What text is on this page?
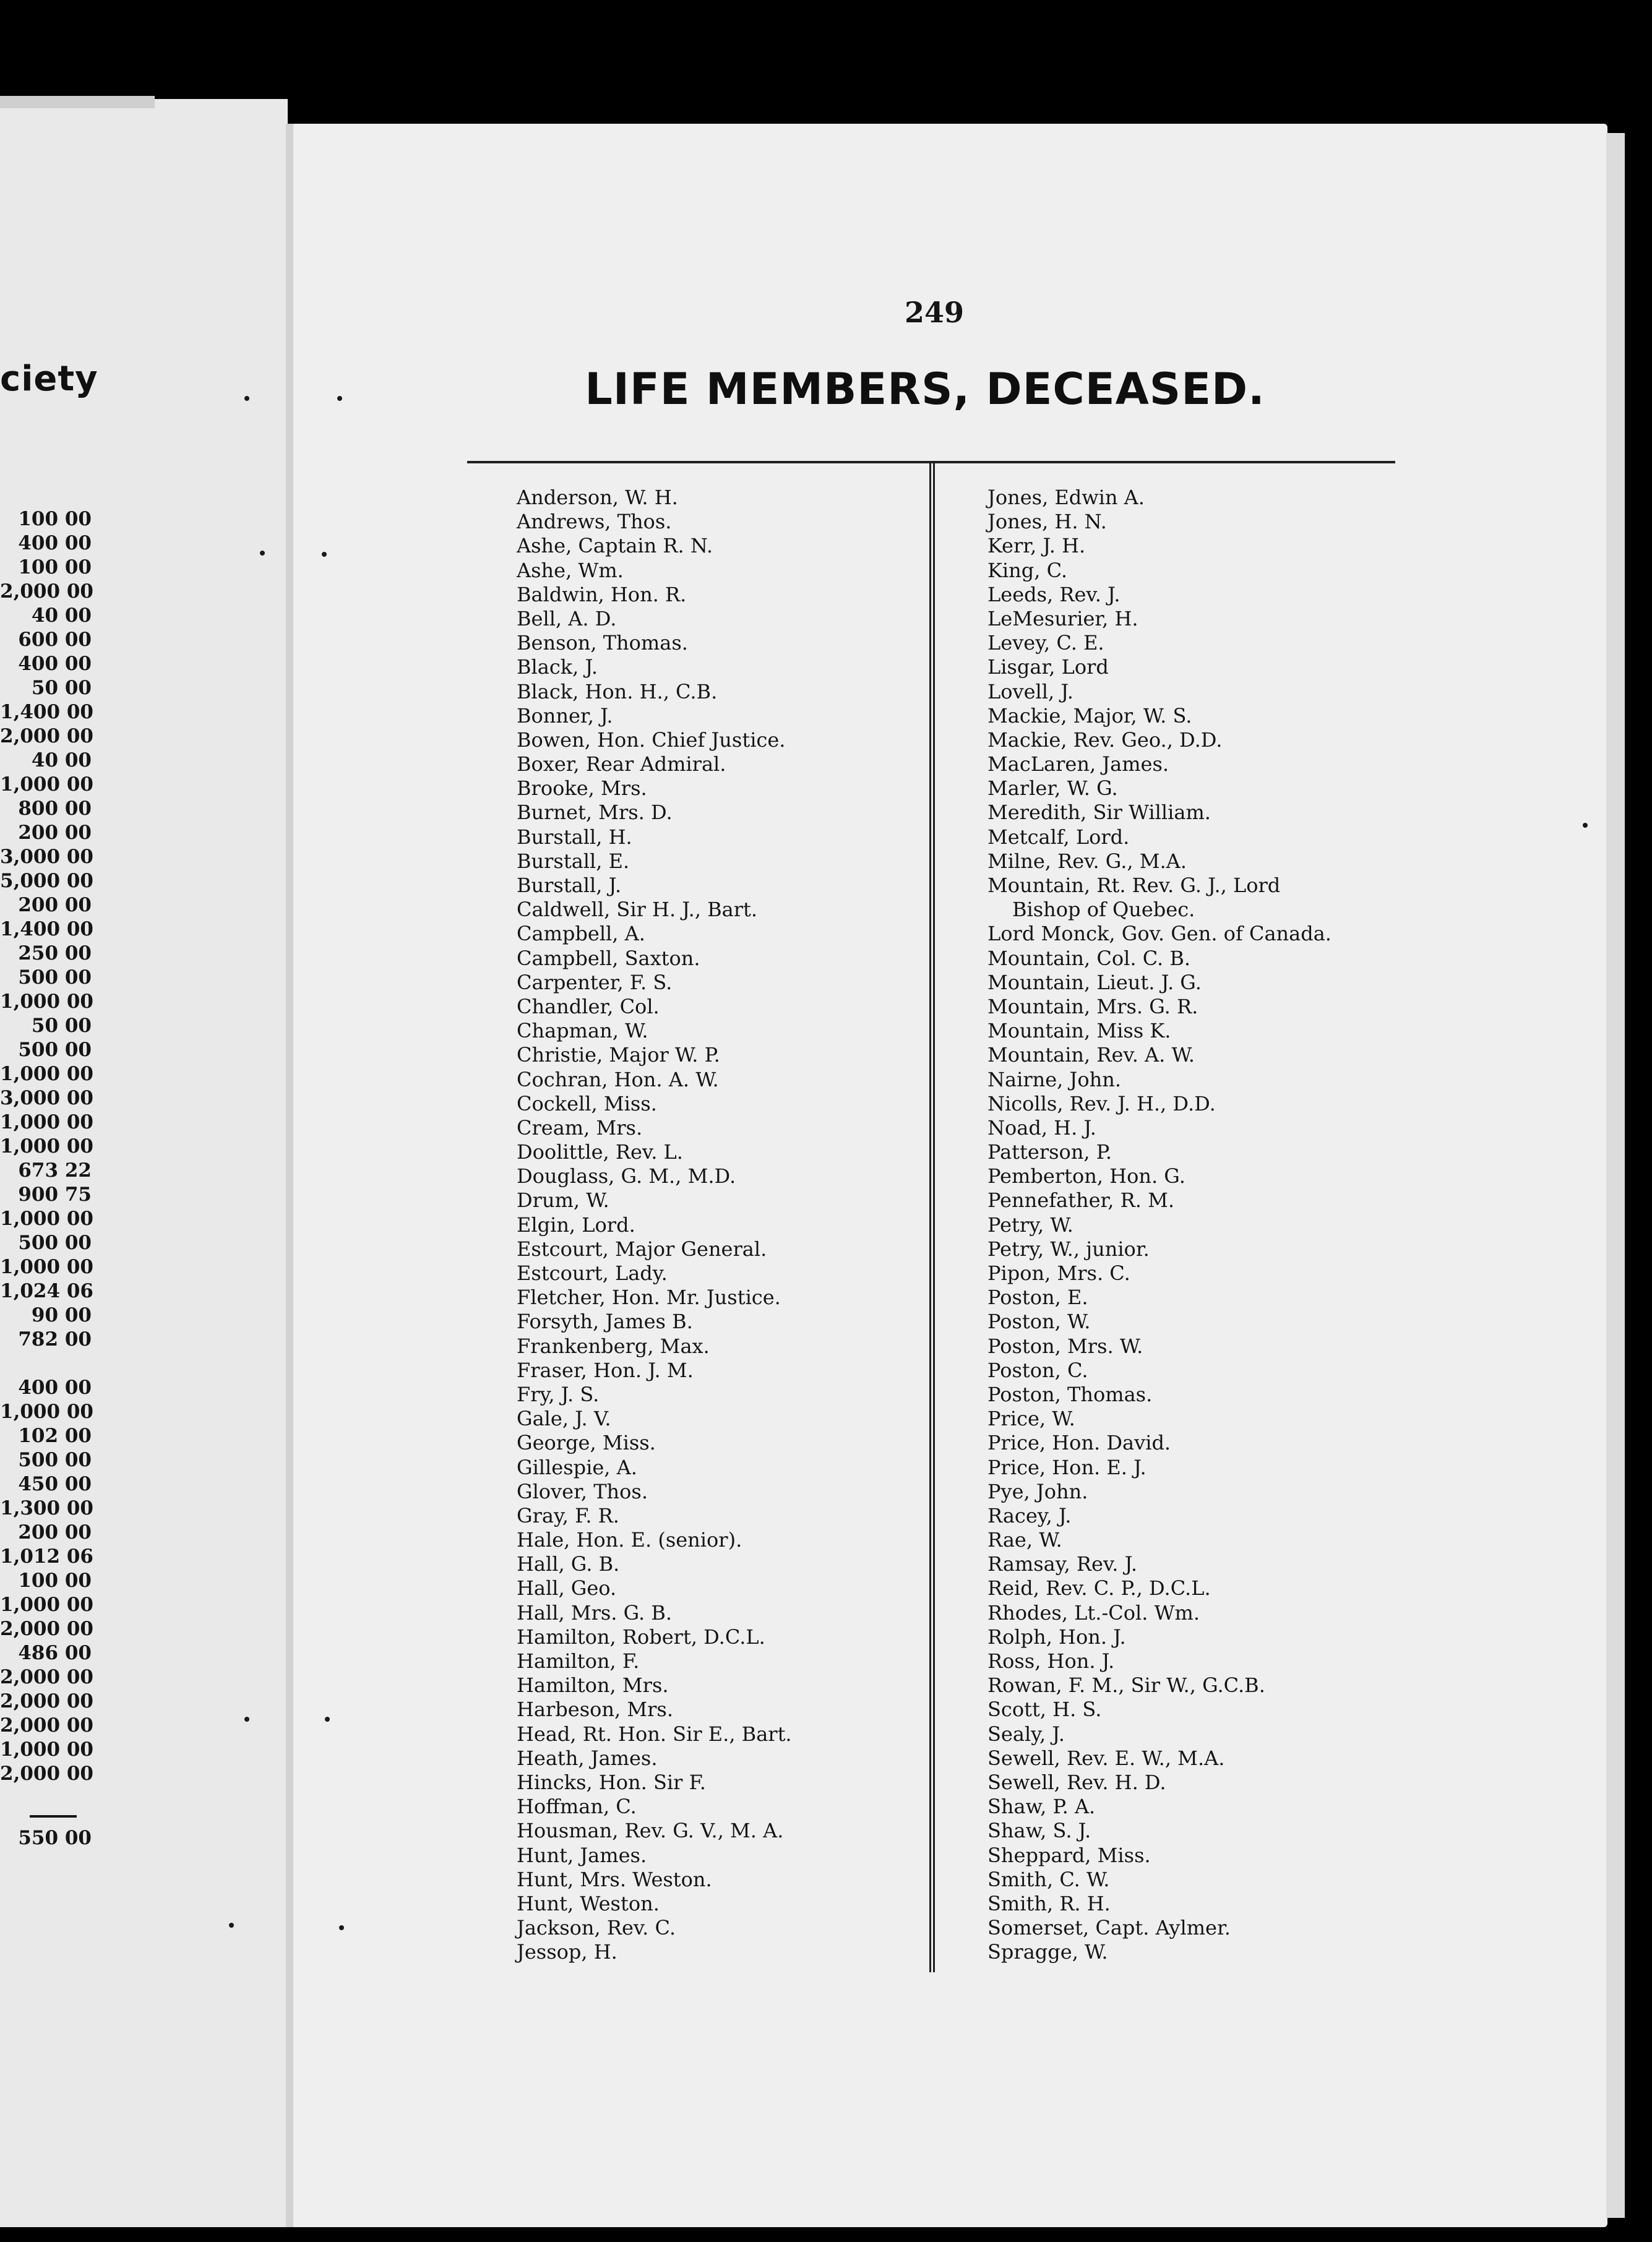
ciety
100 00
400 00
100 00
2,000 00
40 00
600 00
400 00
50 00
1,400 00
2,000 00
40 00
1,000 00
800 00
200 00
3,000 00
5,000 00
200 00
1,400 00
250 00
500 00
1,000 00
50 00
500 00
1,000 00
3,000 00
1,000 00
1,000 00
673 22
900 75
1,000 00
500 00
1,000 00
1,024 06
90 00
782 00
400 00
1,000 00
102 00
500 00
450 00
1,300 00
200 00
1,012 06
100 00
1,000 00
2,000 00
486 00
2,000 00
2,000 00
2,000 00
1,000 00
2,000 00
550 00
249
LIFE MEMBERS, DECEASED.
Anderson, W. H.
Andrews, Thos.
Ashe, Captain R. N.
Ashe, Wm.
Baldwin, Hon. R.
Bell, A. D.
Benson, Thomas.
Black, J.
Black, Hon. H., C.B.
Bonner, J.
Bowen, Hon. Chief Justice.
Boxer, Rear Admiral.
Brooke, Mrs.
Burnet, Mrs. D.
Burstall, H.
Burstall, E.
Burstall, J.
Caldwell, Sir H. J., Bart.
Campbell, A.
Campbell, Saxton.
Carpenter, F. S.
Chandler, Col.
Chapman, W.
Christie, Major W. P.
Cochran, Hon. A. W.
Cockell, Miss.
Cream, Mrs.
Doolittle, Rev. L.
Douglass, G. M., M.D.
Drum, W.
Elgin, Lord.
Estcourt, Major General.
Estcourt, Lady.
Fletcher, Hon. Mr. Justice.
Forsyth, James B.
Frankenberg, Max.
Fraser, Hon. J. M.
Fry, J. S.
Gale, J. V.
George, Miss.
Gillespie, A.
Glover, Thos.
Gray, F. R.
Hale, Hon. E. (senior).
Hall, G. B.
Hall, Geo.
Hall, Mrs. G. B.
Hamilton, Robert, D.C.L.
Hamilton, F.
Hamilton, Mrs.
Harbeson, Mrs.
Head, Rt. Hon. Sir E., Bart.
Heath, James.
Hincks, Hon. Sir F.
Hoffman, C.
Housman, Rev. G. V., M. A.
Hunt, James.
Hunt, Mrs. Weston.
Hunt, Weston.
Jackson, Rev. C.
Jessop, H.
Jones, Edwin A.
Jones, H. N.
Kerr, J. H.
King, C.
Leeds, Rev. J.
LeMesurier, H.
Levey, C. E.
Lisgar, Lord
Lovell, J.
Mackie, Major, W. S.
Mackie, Rev. Geo., D.D.
MacLaren, James.
Marler, W. G.
Meredith, Sir William.
Metcalf, Lord.
Milne, Rev. G., M.A.
Mountain, Rt. Rev. G. J., Lord
Bishop of Quebec.
Lord Monck, Gov. Gen. of Canada.
Mountain, Col. C. B.
Mountain, Lieut. J. G.
Mountain, Mrs. G. R.
Mountain, Miss K.
Mountain, Rev. A. W.
Nairne, John.
Nicolls, Rev. J. H., D.D.
Noad, H. J.
Patterson, P.
Pemberton, Hon. G.
Pennefather, R. M.
Petry, W.
Petry, W., junior.
Pipon, Mrs. C.
Poston, E.
Poston, W.
Poston, Mrs. W.
Poston, C.
Poston, Thomas.
Price, W.
Price, Hon. David.
Price, Hon. E. J.
Pye, John.
Racey, J.
Rae, W.
Ramsay, Rev. J.
Reid, Rev. C. P., D.C.L.
Rhodes, Lt.-Col. Wm.
Rolph, Hon. J.
Ross, Hon. J.
Rowan, F. M., Sir W., G.C.B.
Scott, H. S.
Sealy, J.
Sewell, Rev. E. W., M.A.
Sewell, Rev. H. D.
Shaw, P. A.
Shaw, S. J.
Sheppard, Miss.
Smith, C. W.
Smith, R. H.
Somerset, Capt. Aylmer.
Spragge, W.
